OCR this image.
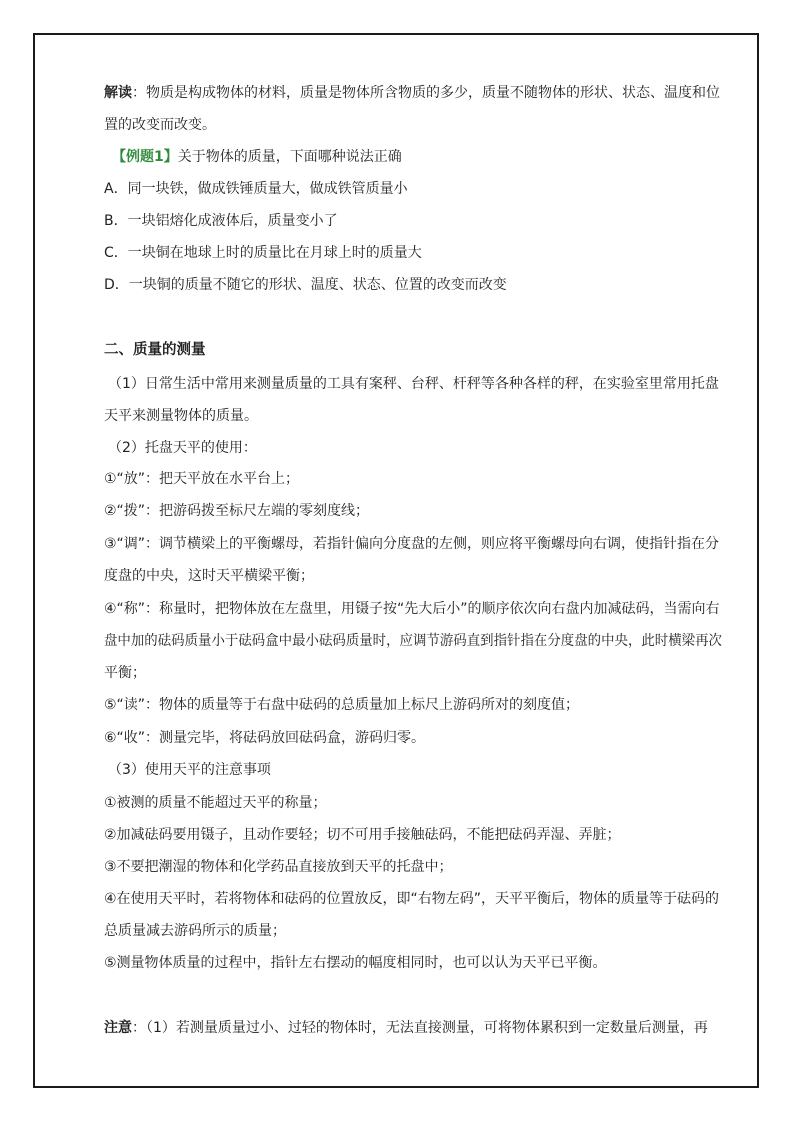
解读：物质是构成物体的材料，质量是物体所含物质的多少，质量不随物体的形状、状态、温度和位
置的改变而改变。
【例题1】关于物体的质量，下面哪种说法正确
A．同一块铁，做成铁锤质量大，做成铁管质量小
B．一块铝熔化成液体后，质量变小了
C．一块铜在地球上时的质量比在月球上时的质量大
D．一块铜的质量不随它的形状、温度、状态、位置的改变而改变
二、质量的测量
（1）日常生活中常用来测量质量的工具有案秤、台秤、杆秤等各种各样的秤，在实验室里常用托盘
天平来测量物体的质量。
（2）托盘天平的使用：
①“放”：把天平放在水平台上；
②“拨”：把游码拨至标尺左端的零刻度线；
③“调”：调节横梁上的平衡螺母，若指针偏向分度盘的左侧，则应将平衡螺母向右调，使指针指在分
度盘的中央，这时天平横梁平衡；
④“称”：称量时，把物体放在左盘里，用镊子按“先大后小”的顺序依次向右盘内加减砝码，当需向右
盘中加的砝码质量小于砝码盒中最小砝码质量时，应调节游码直到指针指在分度盘的中央，此时横梁再次
平衡；
⑤“读”：物体的质量等于右盘中砝码的总质量加上标尺上游码所对的刻度值；
⑥“收”：测量完毕，将砝码放回砝码盒，游码归零。
（3）使用天平的注意事项
①被测的质量不能超过天平的称量；
②加减砝码要用镊子，且动作要轻；切不可用手接触砝码，不能把砝码弄湿、弄脏；
③不要把潮湿的物体和化学药品直接放到天平的托盘中；
④在使用天平时，若将物体和砝码的位置放反，即“右物左码”，天平平衡后，物体的质量等于砝码的
总质量减去游码所示的质量；
⑤测量物体质量的过程中，指针左右摆动的幅度相同时，也可以认为天平已平衡。
注意：（1）若测量质量过小、过轻的物体时，无法直接测量，可将物体累积到一定数量后测量，再
